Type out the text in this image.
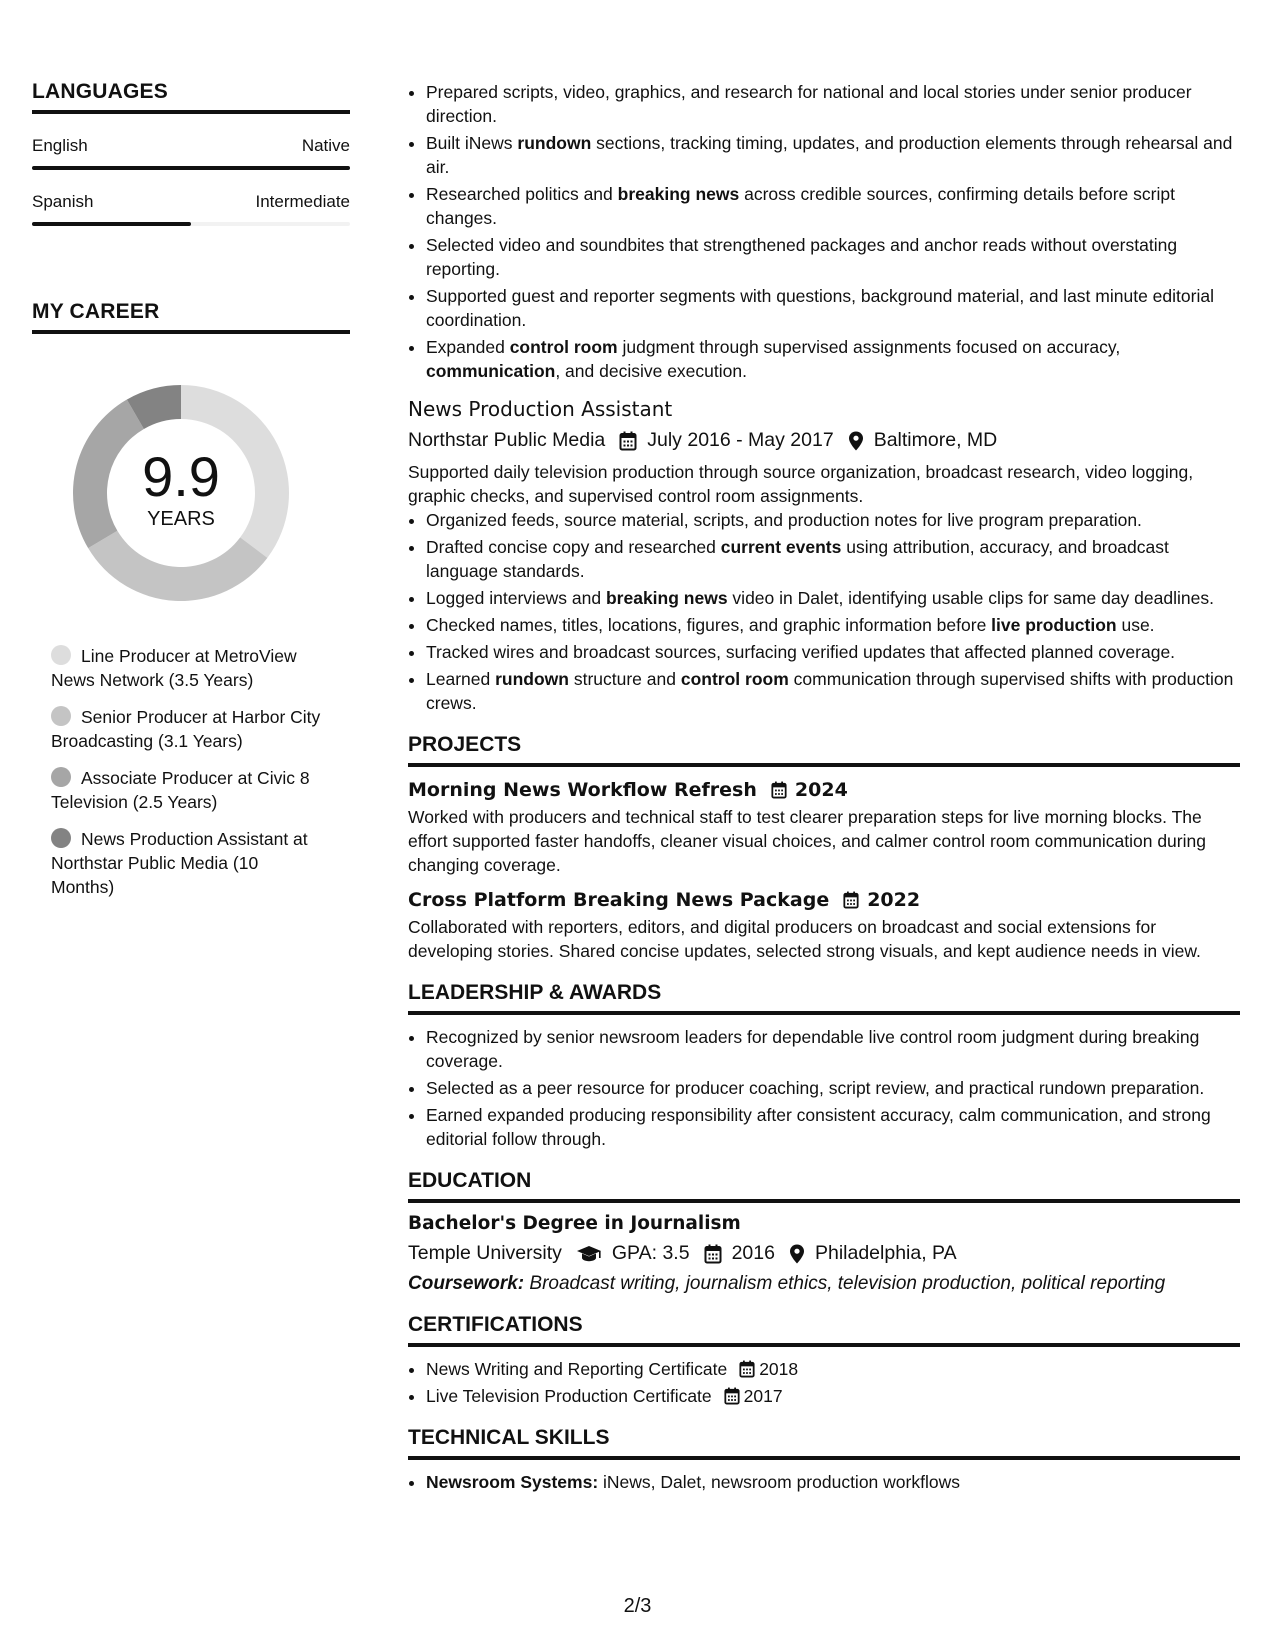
LANGUAGES
English	Native
Spanish	Intermediate
MY CAREER
9.9
YEARS
Line Producer at MetroView News Network (3.5 Years)
Senior Producer at Harbor City Broadcasting (3.1 Years)
Associate Producer at Civic 8 Television (2.5 Years)
News Production Assistant at Northstar Public Media (10 Months)
• Prepared scripts, video, graphics, and research for national and local stories under senior producer direction.
• Built iNews rundown sections, tracking timing, updates, and production elements through rehearsal and air.
• Researched politics and breaking news across credible sources, confirming details before script changes.
• Selected video and soundbites that strengthened packages and anchor reads without overstating reporting.
• Supported guest and reporter segments with questions, background material, and last minute editorial coordination.
• Expanded control room judgment through supervised assignments focused on accuracy, communication, and decisive execution.
News Production Assistant
Northstar Public Media July 2016 - May 2017 Baltimore, MD
Supported daily television production through source organization, broadcast research, video logging, graphic checks, and supervised control room assignments.
• Organized feeds, source material, scripts, and production notes for live program preparation.
• Drafted concise copy and researched current events using attribution, accuracy, and broadcast language standards.
• Logged interviews and breaking news video in Dalet, identifying usable clips for same day deadlines.
• Checked names, titles, locations, figures, and graphic information before live production use.
• Tracked wires and broadcast sources, surfacing verified updates that affected planned coverage.
• Learned rundown structure and control room communication through supervised shifts with production crews.
PROJECTS
Morning News Workflow Refresh 2024
Worked with producers and technical staff to test clearer preparation steps for live morning blocks. The effort supported faster handoffs, cleaner visual choices, and calmer control room communication during changing coverage.
Cross Platform Breaking News Package 2022
Collaborated with reporters, editors, and digital producers on broadcast and social extensions for developing stories. Shared concise updates, selected strong visuals, and kept audience needs in view.
LEADERSHIP & AWARDS
• Recognized by senior newsroom leaders for dependable live control room judgment during breaking coverage.
• Selected as a peer resource for producer coaching, script review, and practical rundown preparation.
• Earned expanded producing responsibility after consistent accuracy, calm communication, and strong editorial follow through.
EDUCATION
Bachelor's Degree in Journalism
Temple University	GPA: 3.5 2016 Philadelphia, PA
Coursework: Broadcast writing, journalism ethics, television production, political reporting
CERTIFICATIONS
• News Writing and Reporting Certificate 2018
• Live Television Production Certificate 2017
TECHNICAL SKILLS
• Newsroom Systems: iNews, Dalet, newsroom production workflows
2/3
